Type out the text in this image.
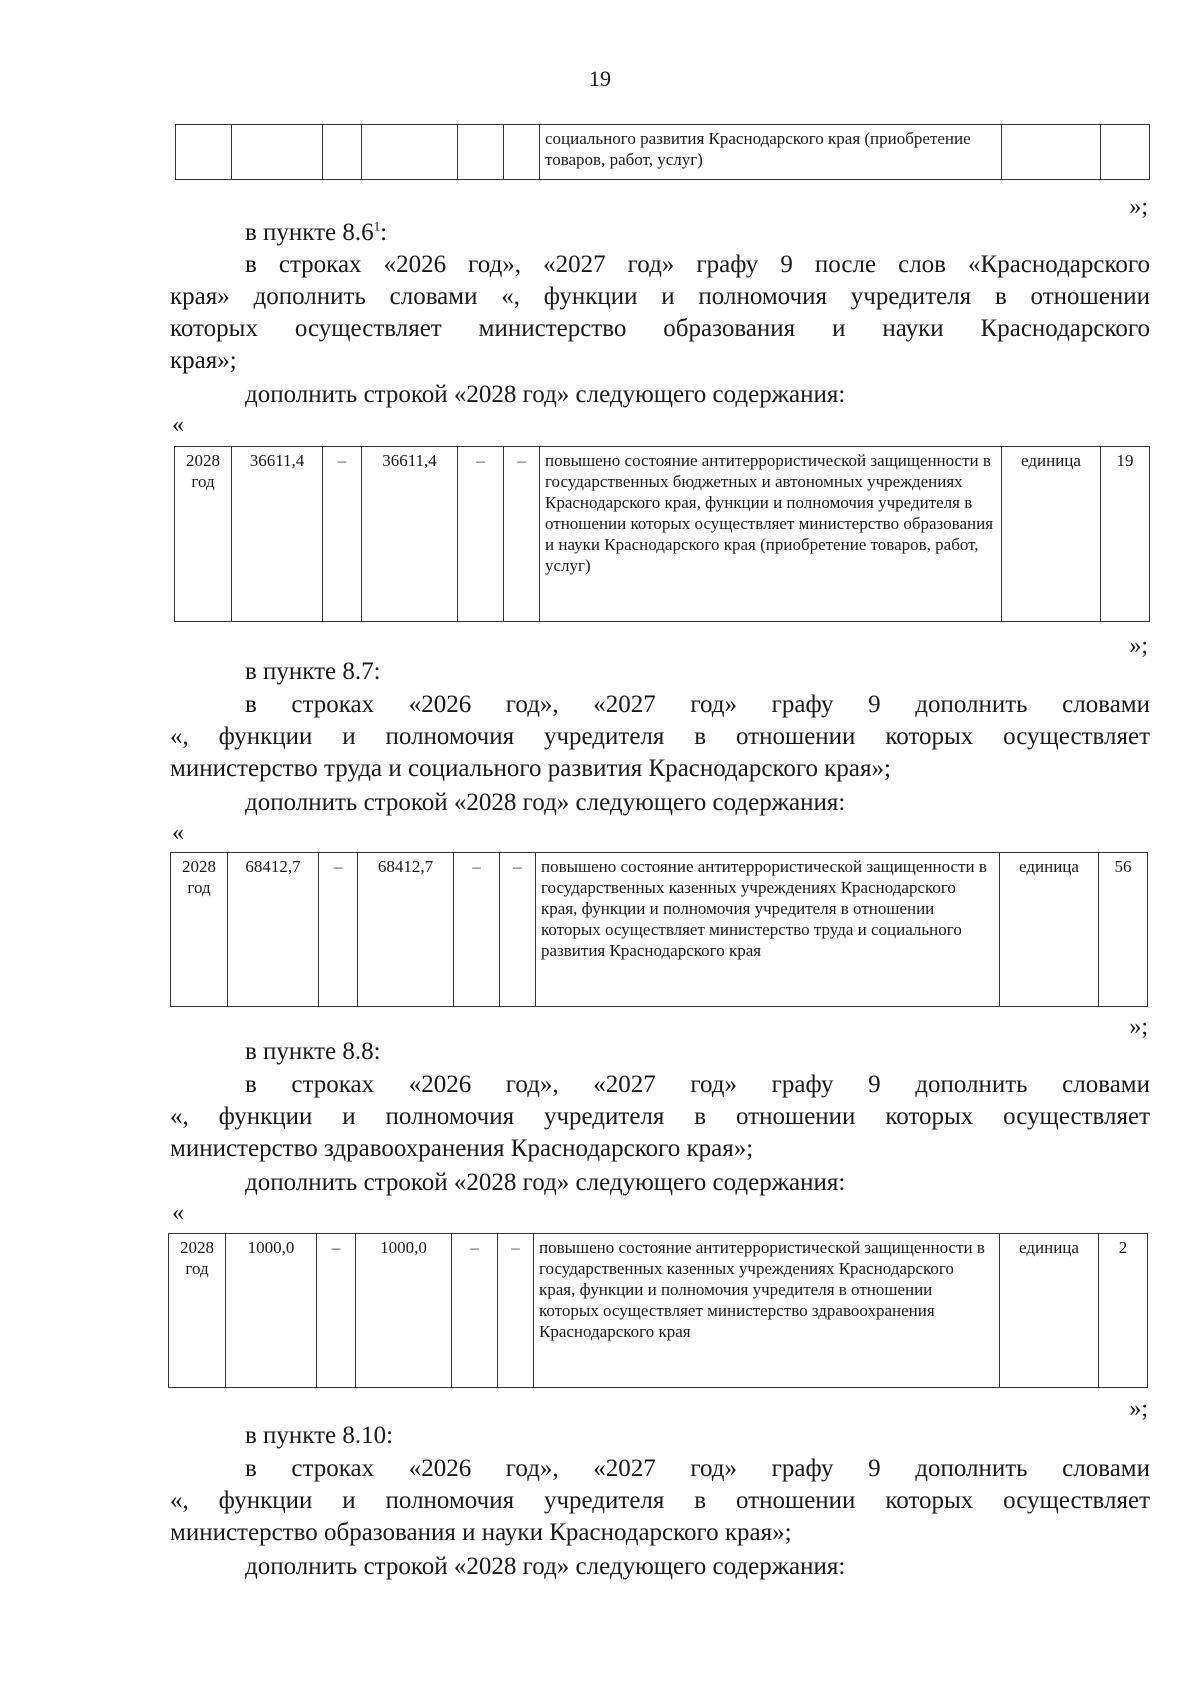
19
						социального развития Краснодарского края (приобретение товаров, работ, услуг)		
»;
в пункте $8.6^1$:
в строках «2026 год», «2027 год» графу 9 после слов «Краснодарского
края» дополнить словами «, функции и полномочия учредителя в отношении
которых осуществляет министерство образования и науки Краснодарского
края»;
дополнить строкой «2028 год» следующего содержания:
«
2028 год	36611,4	–	36611,4	–	–	повышено состояние антитеррористической защищенности в государственных бюджетных и автономных учреждениях Краснодарского края, функции и полномочия учредителя в отношении которых осуществляет министерство образования и науки Краснодарского края (приобретение товаров, работ, услуг)	единица	19
»;
в пункте 8.7:
в строках «2026 год», «2027 год» графу 9 дополнить словами
«, функции и полномочия учредителя в отношении которых осуществляет
министерство труда и социального развития Краснодарского края»;
дополнить строкой «2028 год» следующего содержания:
«
2028 год	68412,7	–	68412,7	–	–	повышено состояние антитеррористической защищенности в государственных казенных учреждениях Краснодарского края, функции и полномочия учредителя в отношении которых осуществляет министерство труда и социального развития Краснодарского края	единица	56
»;
в пункте 8.8:
в строках «2026 год», «2027 год» графу 9 дополнить словами
«, функции и полномочия учредителя в отношении которых осуществляет
министерство здравоохранения Краснодарского края»;
дополнить строкой «2028 год» следующего содержания:
«
2028 год	1000,0	–	1000,0	–	–	повышено состояние антитеррористической защищенности в государственных казенных учреждениях Краснодарского края, функции и полномочия учредителя в отношении которых осуществляет министерство здравоохранения Краснодарского края	единица	2
»;
в пункте 8.10:
в строках «2026 год», «2027 год» графу 9 дополнить словами
«, функции и полномочия учредителя в отношении которых осуществляет
министерство образования и науки Краснодарского края»;
дополнить строкой «2028 год» следующего содержания:
